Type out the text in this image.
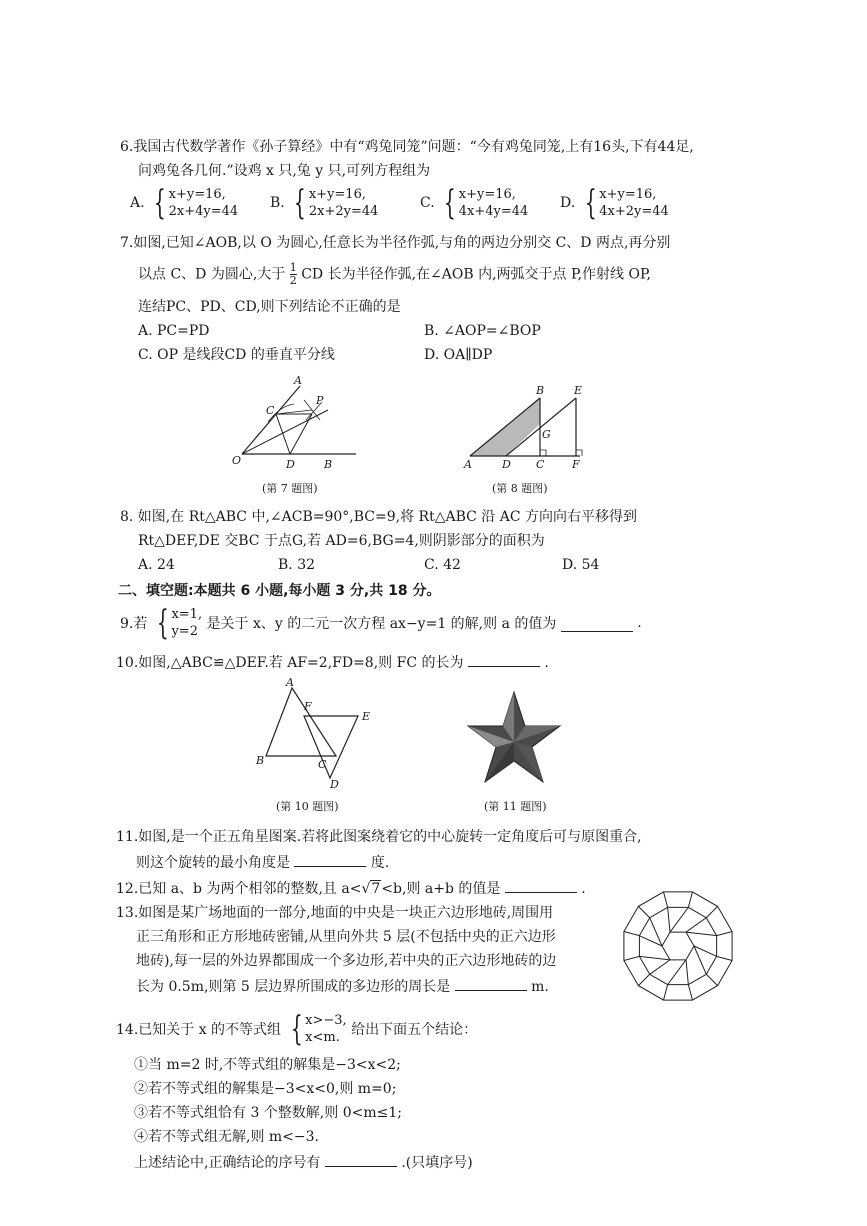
6.我国古代数学著作《孙子算经》中有“鸡兔同笼”问题：“今有鸡兔同笼,上有16头,下有44足,
问鸡兔各几何.”设鸡 x 只,兔 y 只,可列方程组为
A. { x+y=16,
2x+4y=44
B. { x+y=16,
2x+2y=44
C. { x+y=16,
4x+4y=44
D. { x+y=16,
4x+2y=44
7.如图,已知∠AOB,以 O 为圆心,任意长为半径作弧,与角的两边分别交 C、D 两点,再分别
以点 C、D 为圆心,大于 $\frac{1}{2}$ CD 长为半径作弧,在∠AOB 内,两弧交于点 P,作射线 OP,
连结PC、PD、CD,则下列结论不正确的是
A. PC=PD	B. ∠AOP=∠BOP
C. OP 是线段CD 的垂直平分线	D. OA∥DP
A
C
P
O	D	B
(第 7 题图)
B	E
G
A	D C	F
(第 8 题图)
8. 如图,在 Rt△ABC 中,∠ACB=90°,BC=9,将 Rt△ABC 沿 AC 方向向右平移得到
Rt△DEF,DE 交BC 于点G,若 AD=6,BG=4,则阴影部分的面积为
A. 24	B. 32	C. 42	D. 54
二、填空题:本题共 6 小题,每小题 3 分,共 18 分。
9.若 { x=1,
y=2 是关于 x、y 的二元一次方程 ax−y=1 的解,则 a 的值为	.
10.如图,△ABC≌△DEF.若 AF=2,FD=8,则 FC 的长为	.
A
F
E
B	C
D
(第 10 题图)	(第 11 题图)
11.如图,是一个正五角星图案.若将此图案绕着它的中心旋转一定角度后可与原图重合,
则这个旋转的最小角度是	度.
12.已知 a、b 为两个相邻的整数,且 a<√7<b,则 a+b 的值是	.
13.如图是某广场地面的一部分,地面的中央是一块正六边形地砖,周围用
正三角形和正方形地砖密铺,从里向外共 5 层(不包括中央的正六边形
地砖),每一层的外边界都围成一个多边形,若中央的正六边形地砖的边
长为 0.5m,则第 5 层边界所围成的多边形的周长是	m.
14.已知关于 x 的不等式组 { x>−3,
x<m. 给出下面五个结论：
①当 m=2 时,不等式组的解集是−3<x<2;
②若不等式组的解集是−3<x<0,则 m=0;
③若不等式组恰有 3 个整数解,则 0<m≤1;
④若不等式组无解,则 m<−3.
上述结论中,正确结论的序号有	.(只填序号)
